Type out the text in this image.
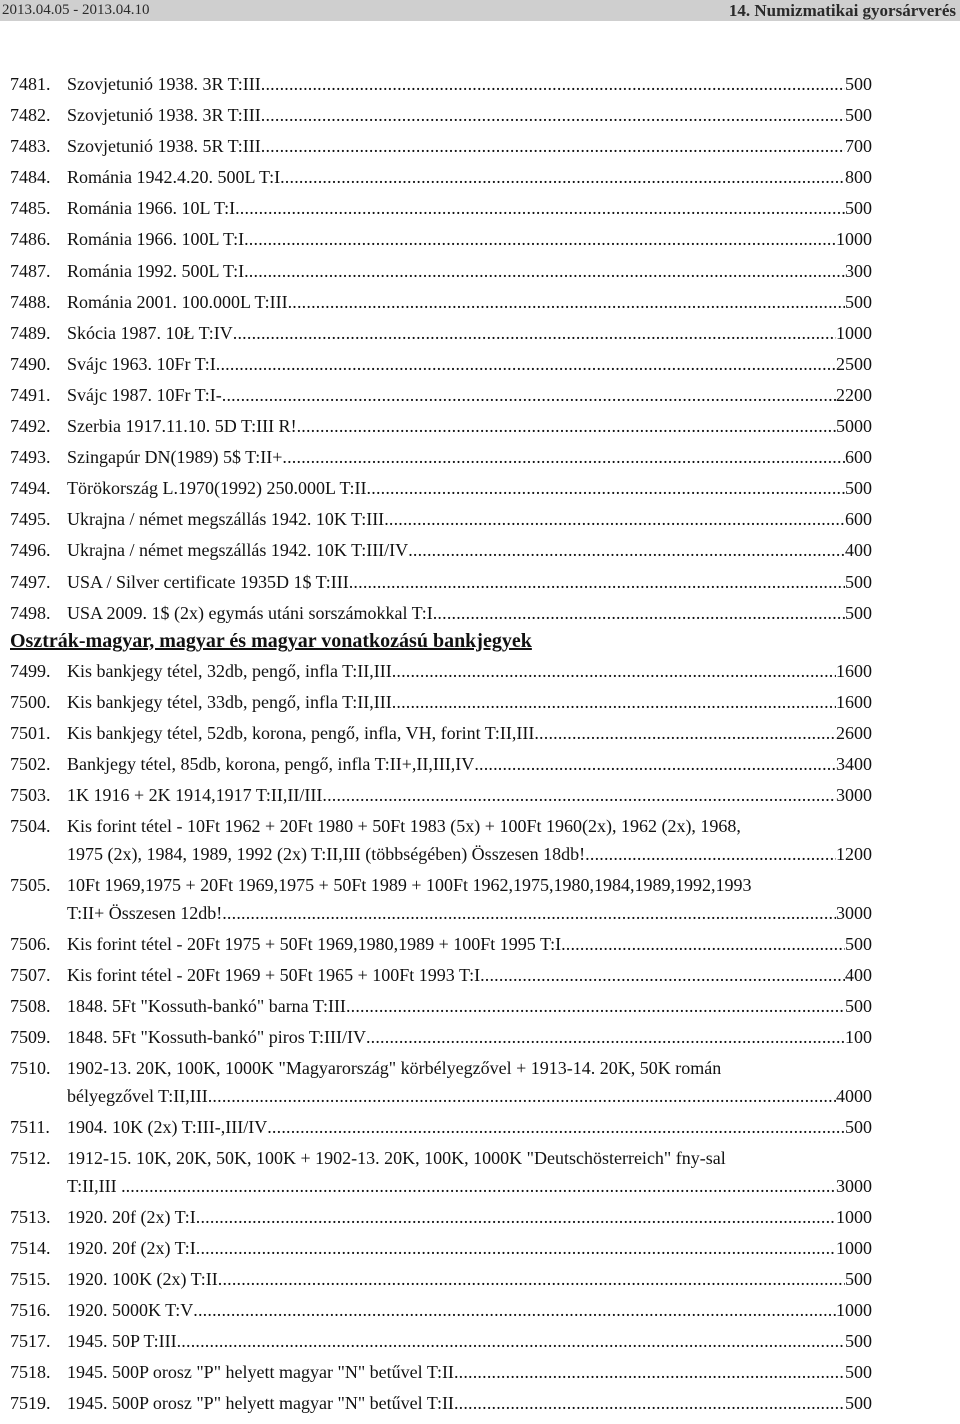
2013.04.05 - 2013.04.10	14. Numizmatikai gyorsárverés
7481. Szovjetunió 1938. 3R T:III .....	500
7482. Szovjetunió 1938. 3R T:III .....	500
7483. Szovjetunió 1938. 5R T:III .....	700
7484. Románia 1942.4.20. 500L T:I .....	800
7485. Románia 1966. 10L T:I .....	500
7486. Románia 1966. 100L T:I .....	1000
7487. Románia 1992. 500L T:I .....	300
7488. Románia 2001. 100.000L T:III .....	500
7489. Skócia 1987. 10Ł T:IV .....	1000
7490. Svájc 1963. 10Fr T:I .....	2500
7491. Svájc 1987. 10Fr T:I- .....	2200
7492. Szerbia 1917.11.10. 5D T:III R! .....	5000
7493. Szingapúr DN(1989) 5$ T:II+ .....	600
7494. Törökország L.1970(1992) 250.000L T:II .....	500
7495. Ukrajna / német megszállás 1942. 10K T:III .....	600
7496. Ukrajna / német megszállás 1942. 10K T:III/IV .....	400
7497. USA / Silver certificate 1935D 1$ T:III .....	500
7498. USA 2009. 1$ (2x) egymás utáni sorszámokkal T:I .....	500
Osztrák-magyar, magyar és magyar vonatkozású bankjegyek
7499. Kis bankjegy tétel, 32db, pengő, infla T:II,III .....	1600
7500. Kis bankjegy tétel, 33db, pengő, infla T:II,III .....	1600
7501. Kis bankjegy tétel, 52db, korona, pengő, infla, VH, forint T:II,III .....	2600
7502. Bankjegy tétel, 85db, korona, pengő, infla T:II+,II,III,IV .....	3400
7503. 1K 1916 + 2K 1914,1917 T:II,II/III .....	3000
7504. Kis forint tétel - 10Ft 1962 + 20Ft 1980 + 50Ft 1983 (5x) + 100Ft 1960(2x), 1962 (2x), 1968,
1975 (2x), 1984, 1989, 1992 (2x) T:II,III (többségében) Összesen 18db! .....	1200
7505. 10Ft 1969,1975 + 20Ft 1969,1975 + 50Ft 1989 + 100Ft 1962,1975,1980,1984,1989,1992,1993
T:II+ Összesen 12db! .....	3000
7506. Kis forint tétel - 20Ft 1975 + 50Ft 1969,1980,1989 + 100Ft 1995 T:I .....	500
7507. Kis forint tétel - 20Ft 1969 + 50Ft 1965 + 100Ft 1993 T:I .....	400
7508. 1848. 5Ft "Kossuth-bankó" barna T:III .....	500
7509. 1848. 5Ft "Kossuth-bankó" piros T:III/IV .....	100
7510. 1902-13. 20K, 100K, 1000K "Magyarország" körbélyegzővel + 1913-14. 20K, 50K román
bélyegzővel T:II,III .....	4000
7511. 1904. 10K (2x) T:III-,III/IV .....	500
7512. 1912-15. 10K, 20K, 50K, 100K + 1902-13. 20K, 100K, 1000K "Deutschösterreich" fny-sal
T:II,III . .....	3000
7513. 1920. 20f (2x) T:I .....	1000
7514. 1920. 20f (2x) T:I .....	1000
7515. 1920. 100K (2x) T:II .....	500
7516. 1920. 5000K T:V .....	1000
7517. 1945. 50P T:III .....	500
7518. 1945. 500P orosz "P" helyett magyar "N" betűvel T:II .....	500
7519. 1945. 500P orosz "P" helyett magyar "N" betűvel T:II .....	500
